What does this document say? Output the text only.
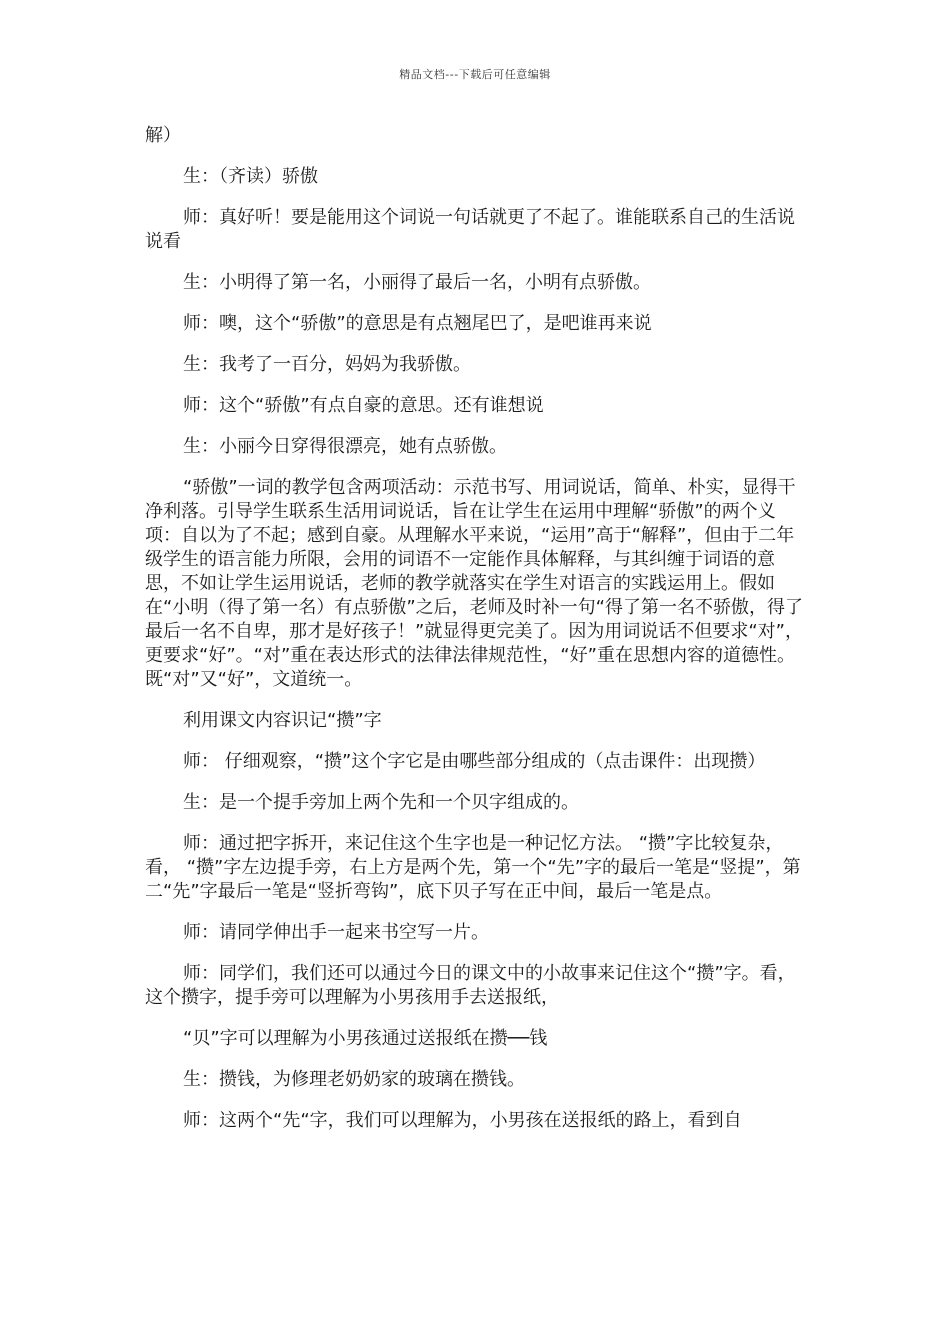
精品文档---下载后可任意编辑

解）

生：（齐读）骄傲

师：真好听！要是能用这个词说一句话就更了不起了。谁能联系自己的生活说说看

生：小明得了第一名，小丽得了最后一名，小明有点骄傲。

师：噢，这个“骄傲”的意思是有点翘尾巴了，是吧谁再来说

生：我考了一百分，妈妈为我骄傲。

师：这个“骄傲”有点自豪的意思。还有谁想说

生：小丽今日穿得很漂亮，她有点骄傲。

“骄傲”一词的教学包含两项活动：示范书写、用词说话，简单、朴实，显得干净利落。引导学生联系生活用词说话，旨在让学生在运用中理解“骄傲”的两个义项：自以为了不起；感到自豪。从理解水平来说，“运用”高于“解释”，但由于二年级学生的语言能力所限，会用的词语不一定能作具体解释，与其纠缠于词语的意思，不如让学生运用说话，老师的教学就落实在学生对语言的实践运用上。假如在“小明（得了第一名）有点骄傲”之后，老师及时补一句“得了第一名不骄傲，得了最后一名不自卑，那才是好孩子！”就显得更完美了。因为用词说话不但要求“对”，更要求“好”。“对”重在表达形式的法律法律规范性，“好”重在思想内容的道德性。既“对”又“好”，文道统一。

利用课文内容识记“攒”字

师： 仔细观察，“攒”这个字它是由哪些部分组成的（点击课件：出现攒）

生：是一个提手旁加上两个先和一个贝字组成的。

师：通过把字拆开，来记住这个生字也是一种记忆方法。 “攒”字比较复杂，看， “攒”字左边提手旁，右上方是两个先，第一个“先”字的最后一笔是“竖提”，第二“先”字最后一笔是“竖折弯钩”，底下贝子写在正中间，最后一笔是点。

师：请同学伸出手一起来书空写一片。

师：同学们，我们还可以通过今日的课文中的小故事来记住这个“攒”字。看，这个攒字，提手旁可以理解为小男孩用手去送报纸，

“贝”字可以理解为小男孩通过送报纸在攒──钱

生：攒钱，为修理老奶奶家的玻璃在攒钱。

师：这两个“先“字，我们可以理解为，小男孩在送报纸的路上，看到自
